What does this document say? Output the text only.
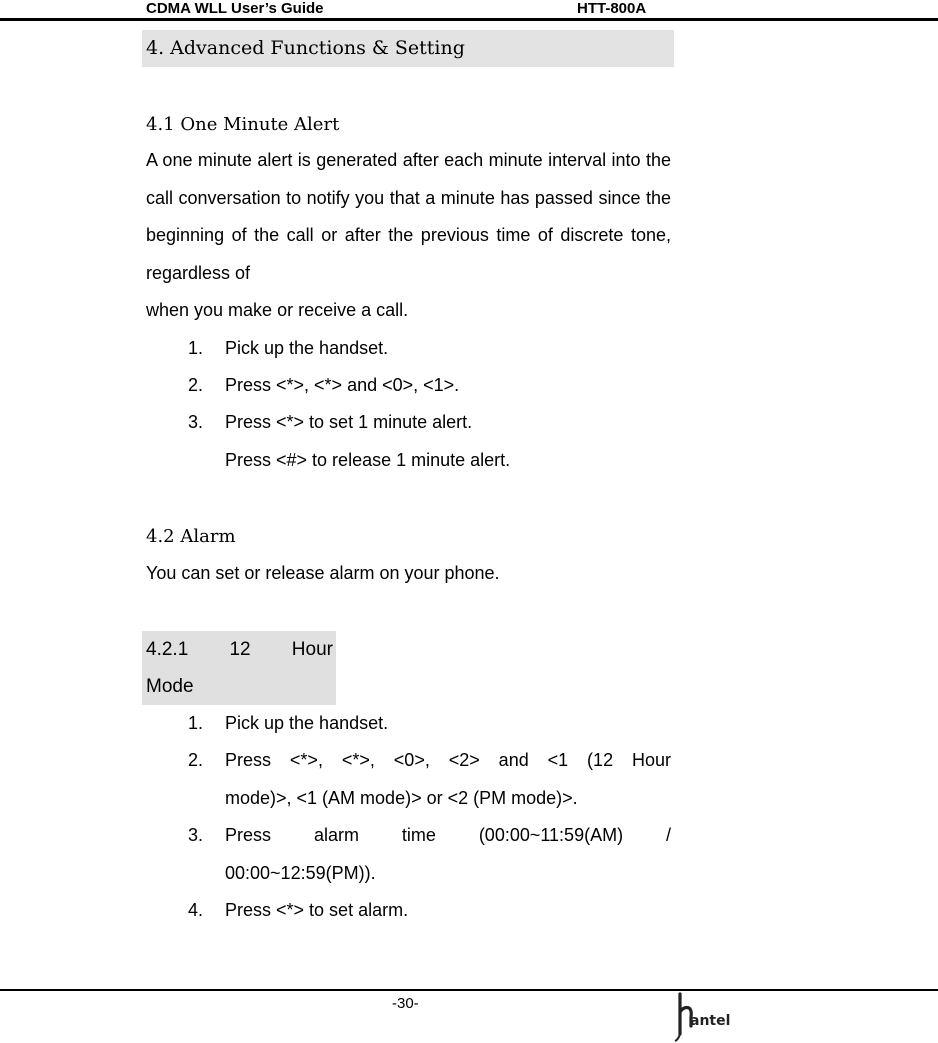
CDMA WLL User’s Guide	HTT-800A
4. Advanced Functions & Setting
4.1 One Minute Alert
A one minute alert is generated after each minute interval into the call conversation to notify you that a minute has passed since the beginning of the call or after the previous time of discrete tone, regardless of
when you make or receive a call.
1. Pick up the handset.
2. Press <*>, <*> and <0>, <1>.
3. Press <*> to set 1 minute alert.
Press <#> to release 1 minute alert.
4.2 Alarm
You can set or release alarm on your phone.
4.2.1 12 Hour
Mode
1. Pick up the handset.
2. Press <*>, <*>, <0>, <2> and <1 (12 Hour
mode)>, <1 (AM mode)> or <2 (PM mode)>.
3. Press alarm time (00:00~11:59(AM) /
00:00~12:59(PM)).
4. Press <*> to set alarm.
-30-
antel
